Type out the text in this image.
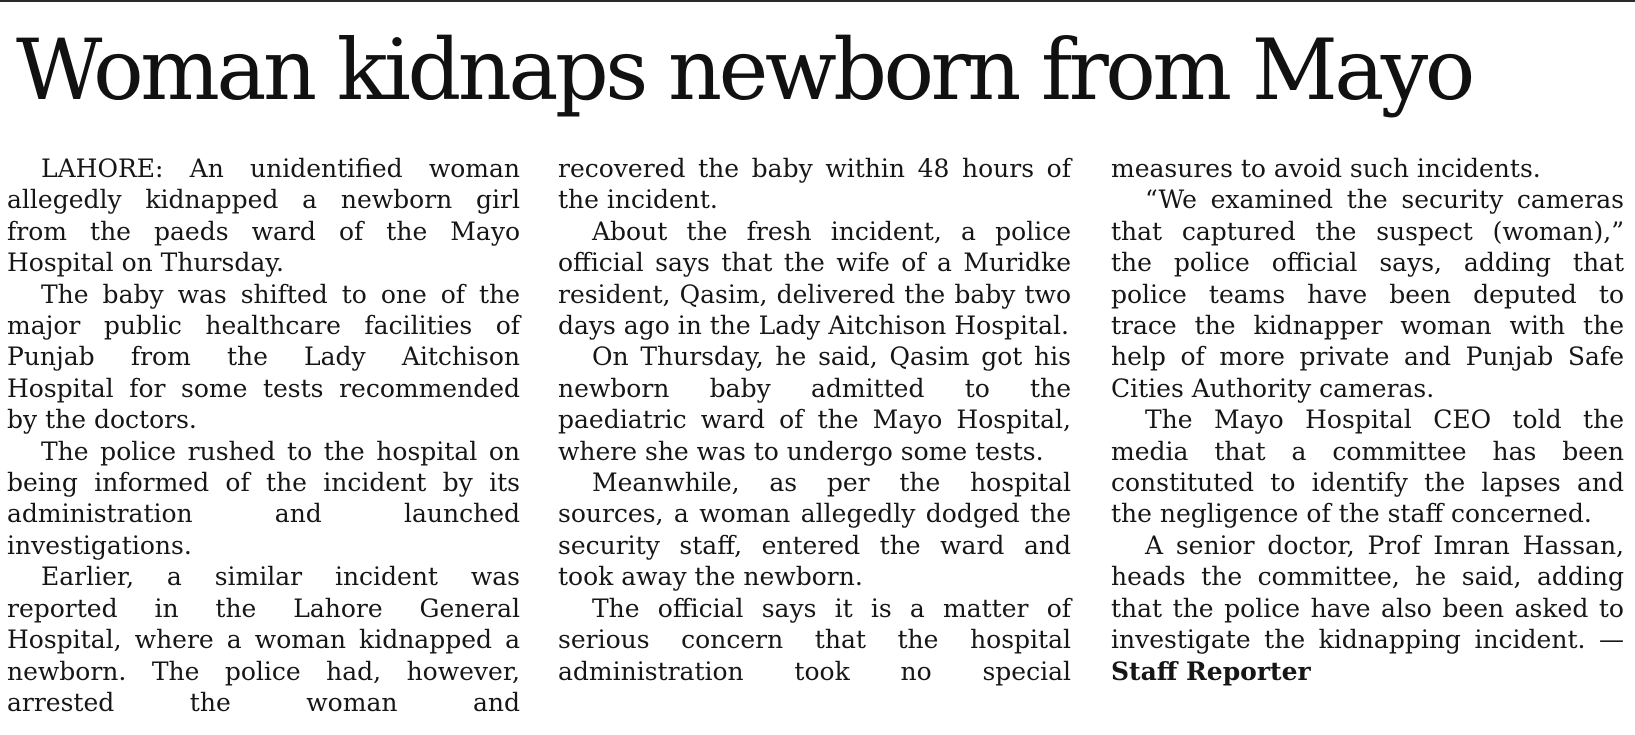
Woman kidnaps newborn from Mayo

LAHORE: An unidentified woman allegedly kidnapped a newborn girl from the paeds ward of the Mayo Hospital on Thursday.

The baby was shifted to one of the major public healthcare facilities of Punjab from the Lady Aitchison Hospital for some tests recommended by the doctors.

The police rushed to the hospital on being informed of the incident by its administration and launched investigations.

Earlier, a similar incident was reported in the Lahore General Hospital, where a woman kidnapped a newborn. The police had, however, arrested the woman and

recovered the baby within 48 hours of the incident.

About the fresh incident, a police official says that the wife of a Muridke resident, Qasim, delivered the baby two days ago in the Lady Aitchison Hospital.

On Thursday, he said, Qasim got his newborn baby admitted to the paediatric ward of the Mayo Hospital, where she was to undergo some tests.

Meanwhile, as per the hospital sources, a woman allegedly dodged the security staff, entered the ward and took away the newborn.

The official says it is a matter of serious concern that the hospital administration took no special

measures to avoid such incidents.

“We examined the security cameras that captured the suspect (woman),” the police official says, adding that police teams have been deputed to trace the kidnapper woman with the help of more private and Punjab Safe Cities Authority cameras.

The Mayo Hospital CEO told the media that a committee has been constituted to identify the lapses and the negligence of the staff concerned.

A senior doctor, Prof Imran Hassan, heads the committee, he said, adding that the police have also been asked to investigate the kidnapping incident. — Staff Reporter
